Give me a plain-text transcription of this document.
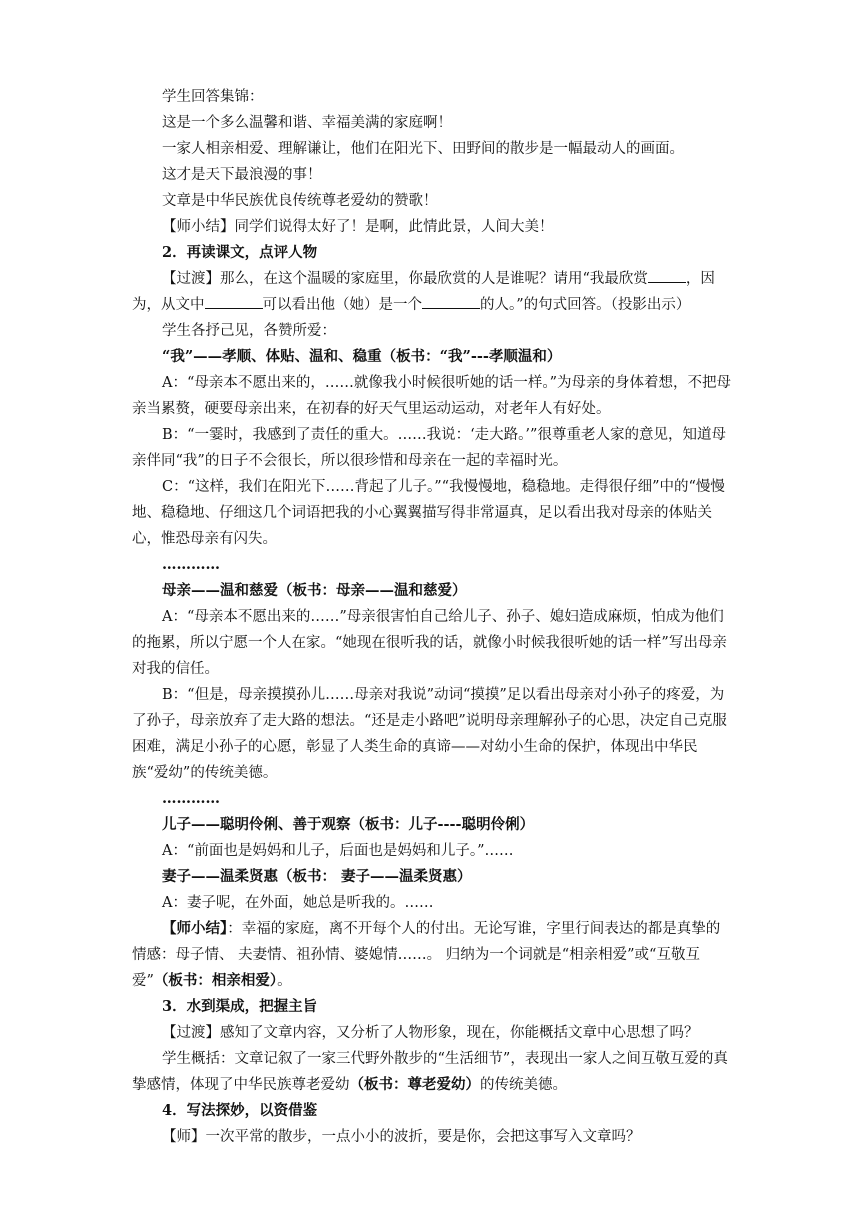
学生回答集锦：

这是一个多么温馨和谐、幸福美满的家庭啊！

一家人相亲相爱、理解谦让，他们在阳光下、田野间的散步是一幅最动人的画面。

这才是天下最浪漫的事！

文章是中华民族优良传统尊老爱幼的赞歌！

【师小结】同学们说得太好了！是啊，此情此景，人间大美！

2．再读课文，点评人物

【过渡】那么，在这个温暖的家庭里，你最欣赏的人是谁呢？请用“我最欣赏	，因为，从文中	可以看出他（她）是一个	的人。”的句式回答。（投影出示）

学生各抒己见，各赞所爱：

“我”——孝顺、体贴、温和、稳重（板书：“我”---孝顺温和）

A：“母亲本不愿出来的，……就像我小时候很听她的话一样。”为母亲的身体着想，不把母亲当累赘，硬要母亲出来，在初春的好天气里运动运动，对老年人有好处。

B：“一霎时，我感到了责任的重大。……我说：‘走大路。’”很尊重老人家的意见，知道母亲伴同“我”的日子不会很长，所以很珍惜和母亲在一起的幸福时光。

C：“这样，我们在阳光下……背起了儿子。”“我慢慢地，稳稳地。走得很仔细”中的“慢慢地、稳稳地、仔细这几个词语把我的小心翼翼描写得非常逼真，足以看出我对母亲的体贴关心，惟恐母亲有闪失。

…………

母亲——温和慈爱（板书：母亲——温和慈爱）

A：“母亲本不愿出来的……”母亲很害怕自己给儿子、孙子、媳妇造成麻烦，怕成为他们的拖累，所以宁愿一个人在家。“她现在很听我的话，就像小时候我很听她的话一样”写出母亲对我的信任。

B：“但是，母亲摸摸孙儿……母亲对我说”动词“摸摸”足以看出母亲对小孙子的疼爱，为了孙子，母亲放弃了走大路的想法。“还是走小路吧”说明母亲理解孙子的心思，决定自己克服困难，满足小孙子的心愿，彰显了人类生命的真谛——对幼小生命的保护，体现出中华民族“爱幼”的传统美德。

…………

儿子——聪明伶俐、善于观察（板书：儿子----聪明伶俐）

A：“前面也是妈妈和儿子，后面也是妈妈和儿子。”……

妻子——温柔贤惠（板书： 妻子——温柔贤惠）

A：妻子呢，在外面，她总是听我的。……

【师小结】：幸福的家庭，离不开每个人的付出。无论写谁，字里行间表达的都是真挚的情感：母子情、 夫妻情、祖孙情、婆媳情……。 归纳为一个词就是“相亲相爱”或“互敬互爱”（板书：相亲相爱）。

3．水到渠成，把握主旨

【过渡】感知了文章内容，又分析了人物形象，现在，你能概括文章中心思想了吗？

学生概括：文章记叙了一家三代野外散步的“生活细节”，表现出一家人之间互敬互爱的真挚感情，体现了中华民族尊老爱幼（板书：尊老爱幼）的传统美德。

4．写法探妙，以资借鉴

【师】一次平常的散步，一点小小的波折，要是你，会把这事写入文章吗？
